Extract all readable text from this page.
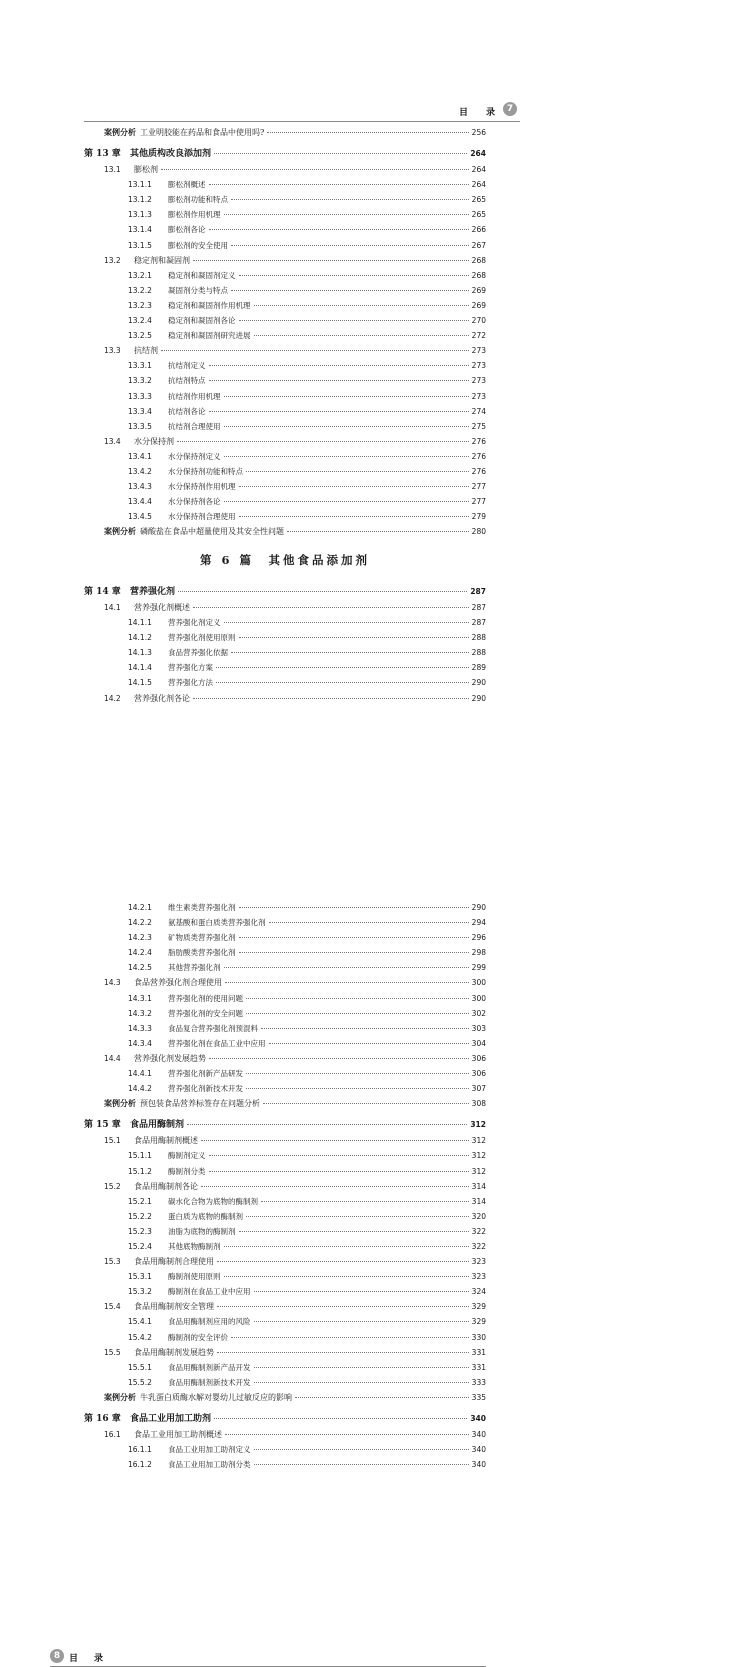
目 录	7
案例分析 工业明胶能在药品和食品中使用吗?	256
第 13 章	其他质构改良添加剂	264
13.1	膨松剂	264
13.1.1	膨松剂概述	264
13.1.2	膨松剂功能和特点	265
13.1.3	膨松剂作用机理	265
13.1.4	膨松剂各论	266
13.1.5	膨松剂的安全使用	267
13.2	稳定剂和凝固剂	268
13.2.1	稳定剂和凝固剂定义	268
13.2.2	凝固剂分类与特点	269
13.2.3	稳定剂和凝固剂作用机理	269
13.2.4	稳定剂和凝固剂各论	270
13.2.5	稳定剂和凝固剂研究进展	272
13.3	抗结剂	273
13.3.1	抗结剂定义	273
13.3.2	抗结剂特点	273
13.3.3	抗结剂作用机理	273
13.3.4	抗结剂各论	274
13.3.5	抗结剂合理使用	275
13.4	水分保持剂	276
13.4.1	水分保持剂定义	276
13.4.2	水分保持剂功能和特点	276
13.4.3	水分保持剂作用机理	277
13.4.4	水分保持剂各论	277
13.4.5	水分保持剂合理使用	279
案例分析 磷酸盐在食品中超量使用及其安全性问题	280
第 6 篇　其他食品添加剂
第 14 章	营养强化剂	287
14.1	营养强化剂概述	287
14.1.1	营养强化剂定义	287
14.1.2	营养强化剂使用原则	288
14.1.3	食品营养强化依据	288
14.1.4	营养强化方案	289
14.1.5	营养强化方法	290
14.2	营养强化剂各论	290
8 目 录
14.2.1	维生素类营养强化剂	290
14.2.2	氨基酸和蛋白质类营养强化剂	294
14.2.3	矿物质类营养强化剂	296
14.2.4	脂肪酸类营养强化剂	298
14.2.5	其他营养强化剂	299
14.3	食品营养强化剂合理使用	300
14.3.1	营养强化剂的使用问题	300
14.3.2	营养强化剂的安全问题	302
14.3.3	食品复合营养强化剂预混料	303
14.3.4	营养强化剂在食品工业中应用	304
14.4	营养强化剂发展趋势	306
14.4.1	营养强化剂新产品研发	306
14.4.2	营养强化剂新技术开发	307
案例分析 预包装食品营养标签存在问题分析	308
第 15 章	食品用酶制剂	312
15.1	食品用酶制剂概述	312
15.1.1	酶制剂定义	312
15.1.2	酶制剂分类	312
15.2	食品用酶制剂各论	314
15.2.1	碳水化合物为底物的酶制剂	314
15.2.2	蛋白质为底物的酶制剂	320
15.2.3	油脂为底物的酶制剂	322
15.2.4	其他底物酶制剂	322
15.3	食品用酶制剂合理使用	323
15.3.1	酶制剂使用原则	323
15.3.2	酶制剂在食品工业中应用	324
15.4	食品用酶制剂安全管理	329
15.4.1	食品用酶制剂应用的风险	329
15.4.2	酶制剂的安全评价	330
15.5	食品用酶制剂发展趋势	331
15.5.1	食品用酶制剂新产品开发	331
15.5.2	食品用酶制剂新技术开发	333
案例分析 牛乳蛋白质酶水解对婴幼儿过敏反应的影响	335
第 16 章	食品工业用加工助剂	340
16.1	食品工业用加工助剂概述	340
16.1.1	食品工业用加工助剂定义	340
16.1.2	食品工业用加工助剂分类	340
